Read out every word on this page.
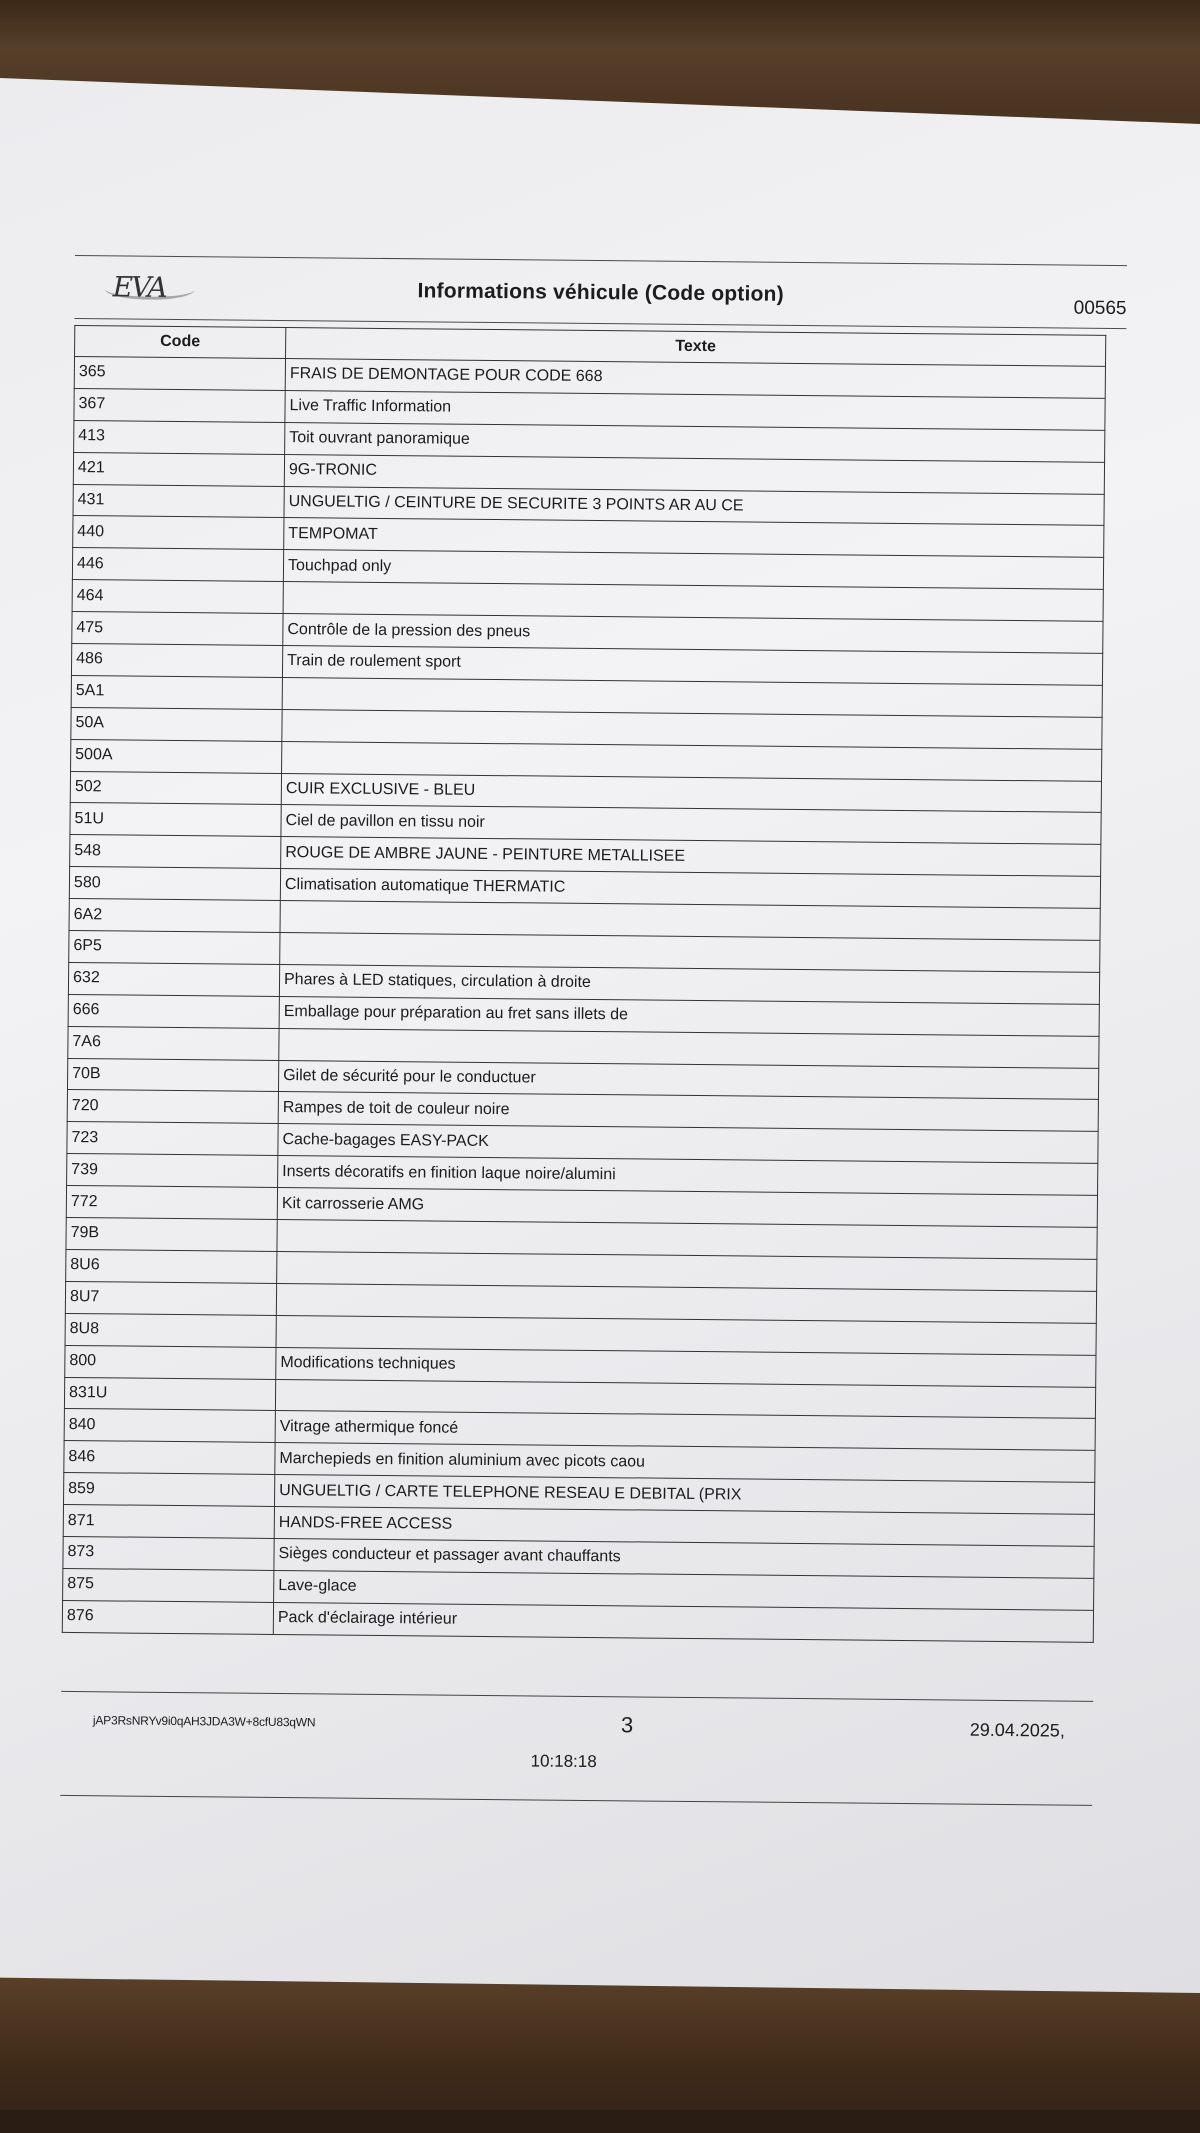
EVA	Informations véhicule (Code option)
00565
Code	Texte
365	FRAIS DE DEMONTAGE POUR CODE 668
367	Live Traffic Information
413	Toit ouvrant panoramique
421	9G-TRONIC
431	UNGUELTIG / CEINTURE DE SECURITE 3 POINTS AR AU CE
440	TEMPOMAT
446	Touchpad only
464	
475	Contrôle de la pression des pneus
486	Train de roulement sport
5A1	
50A	
500A	
502	CUIR EXCLUSIVE - BLEU
51U	Ciel de pavillon en tissu noir
548	ROUGE DE AMBRE JAUNE - PEINTURE METALLISEE
580	Climatisation automatique THERMATIC
6A2	
6P5	
632	Phares à LED statiques, circulation à droite
666	Emballage pour préparation au fret sans illets de
7A6	
70B	Gilet de sécurité pour le conductuer
720	Rampes de toit de couleur noire
723	Cache-bagages EASY-PACK
739	Inserts décoratifs en finition laque noire/alumini
772	Kit carrosserie AMG
79B	
8U6	
8U7	
8U8	
800	Modifications techniques
831U	
840	Vitrage athermique foncé
846	Marchepieds en finition aluminium avec picots caou
859	UNGUELTIG / CARTE TELEPHONE RESEAU E DEBITAL (PRIX
871	HANDS-FREE ACCESS
873	Sièges conducteur et passager avant chauffants
875	Lave-glace
876	Pack d'éclairage intérieur
jAP3RsNRYv9i0qAH3JDA3W+8cfU83qWN	3	29.04.2025,
10:18:18
